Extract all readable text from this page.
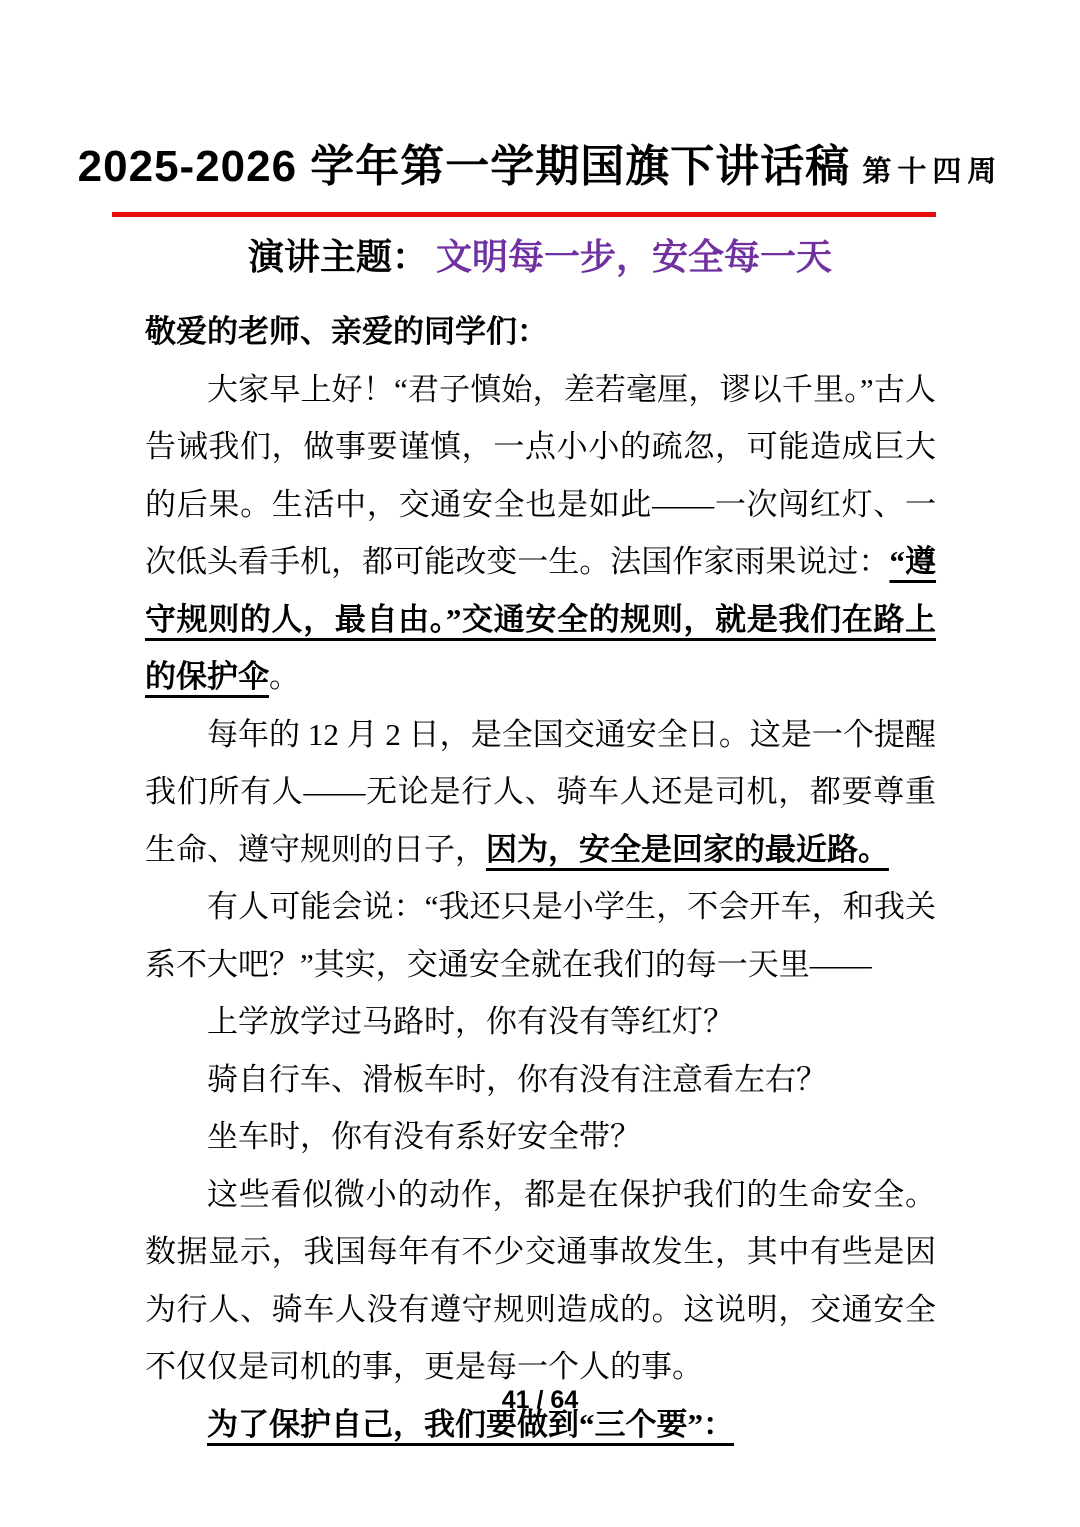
2025-2026 学年第一学期国旗下讲话稿 第十四周
演讲主题： 文明每一步，安全每一天

敬爱的老师、亲爱的同学们：

大家早上好！“君子慎始，差若毫厘，谬以千里。”古人告诫我们，做事要谨慎，一点小小的疏忽，可能造成巨大的后果。生活中，交通安全也是如此——一次闯红灯、一次低头看手机，都可能改变一生。法国作家雨果说过：“遵守规则的人，最自由。”交通安全的规则，就是我们在路上的保护伞。

每年的 12 月 2 日，是全国交通安全日。这是一个提醒我们所有人——无论是行人、骑车人还是司机，都要尊重生命、遵守规则的日子，因为，安全是回家的最近路。

有人可能会说：“我还只是小学生，不会开车，和我关系不大吧？”其实，交通安全就在我们的每一天里——

上学放学过马路时，你有没有等红灯？

骑自行车、滑板车时，你有没有注意看左右？

坐车时，你有没有系好安全带？

这些看似微小的动作，都是在保护我们的生命安全。数据显示，我国每年有不少交通事故发生，其中有些是因为行人、骑车人没有遵守规则造成的。这说明，交通安全不仅仅是司机的事，更是每一个人的事。

为了保护自己，我们要做到“三个要”：

41 / 64
